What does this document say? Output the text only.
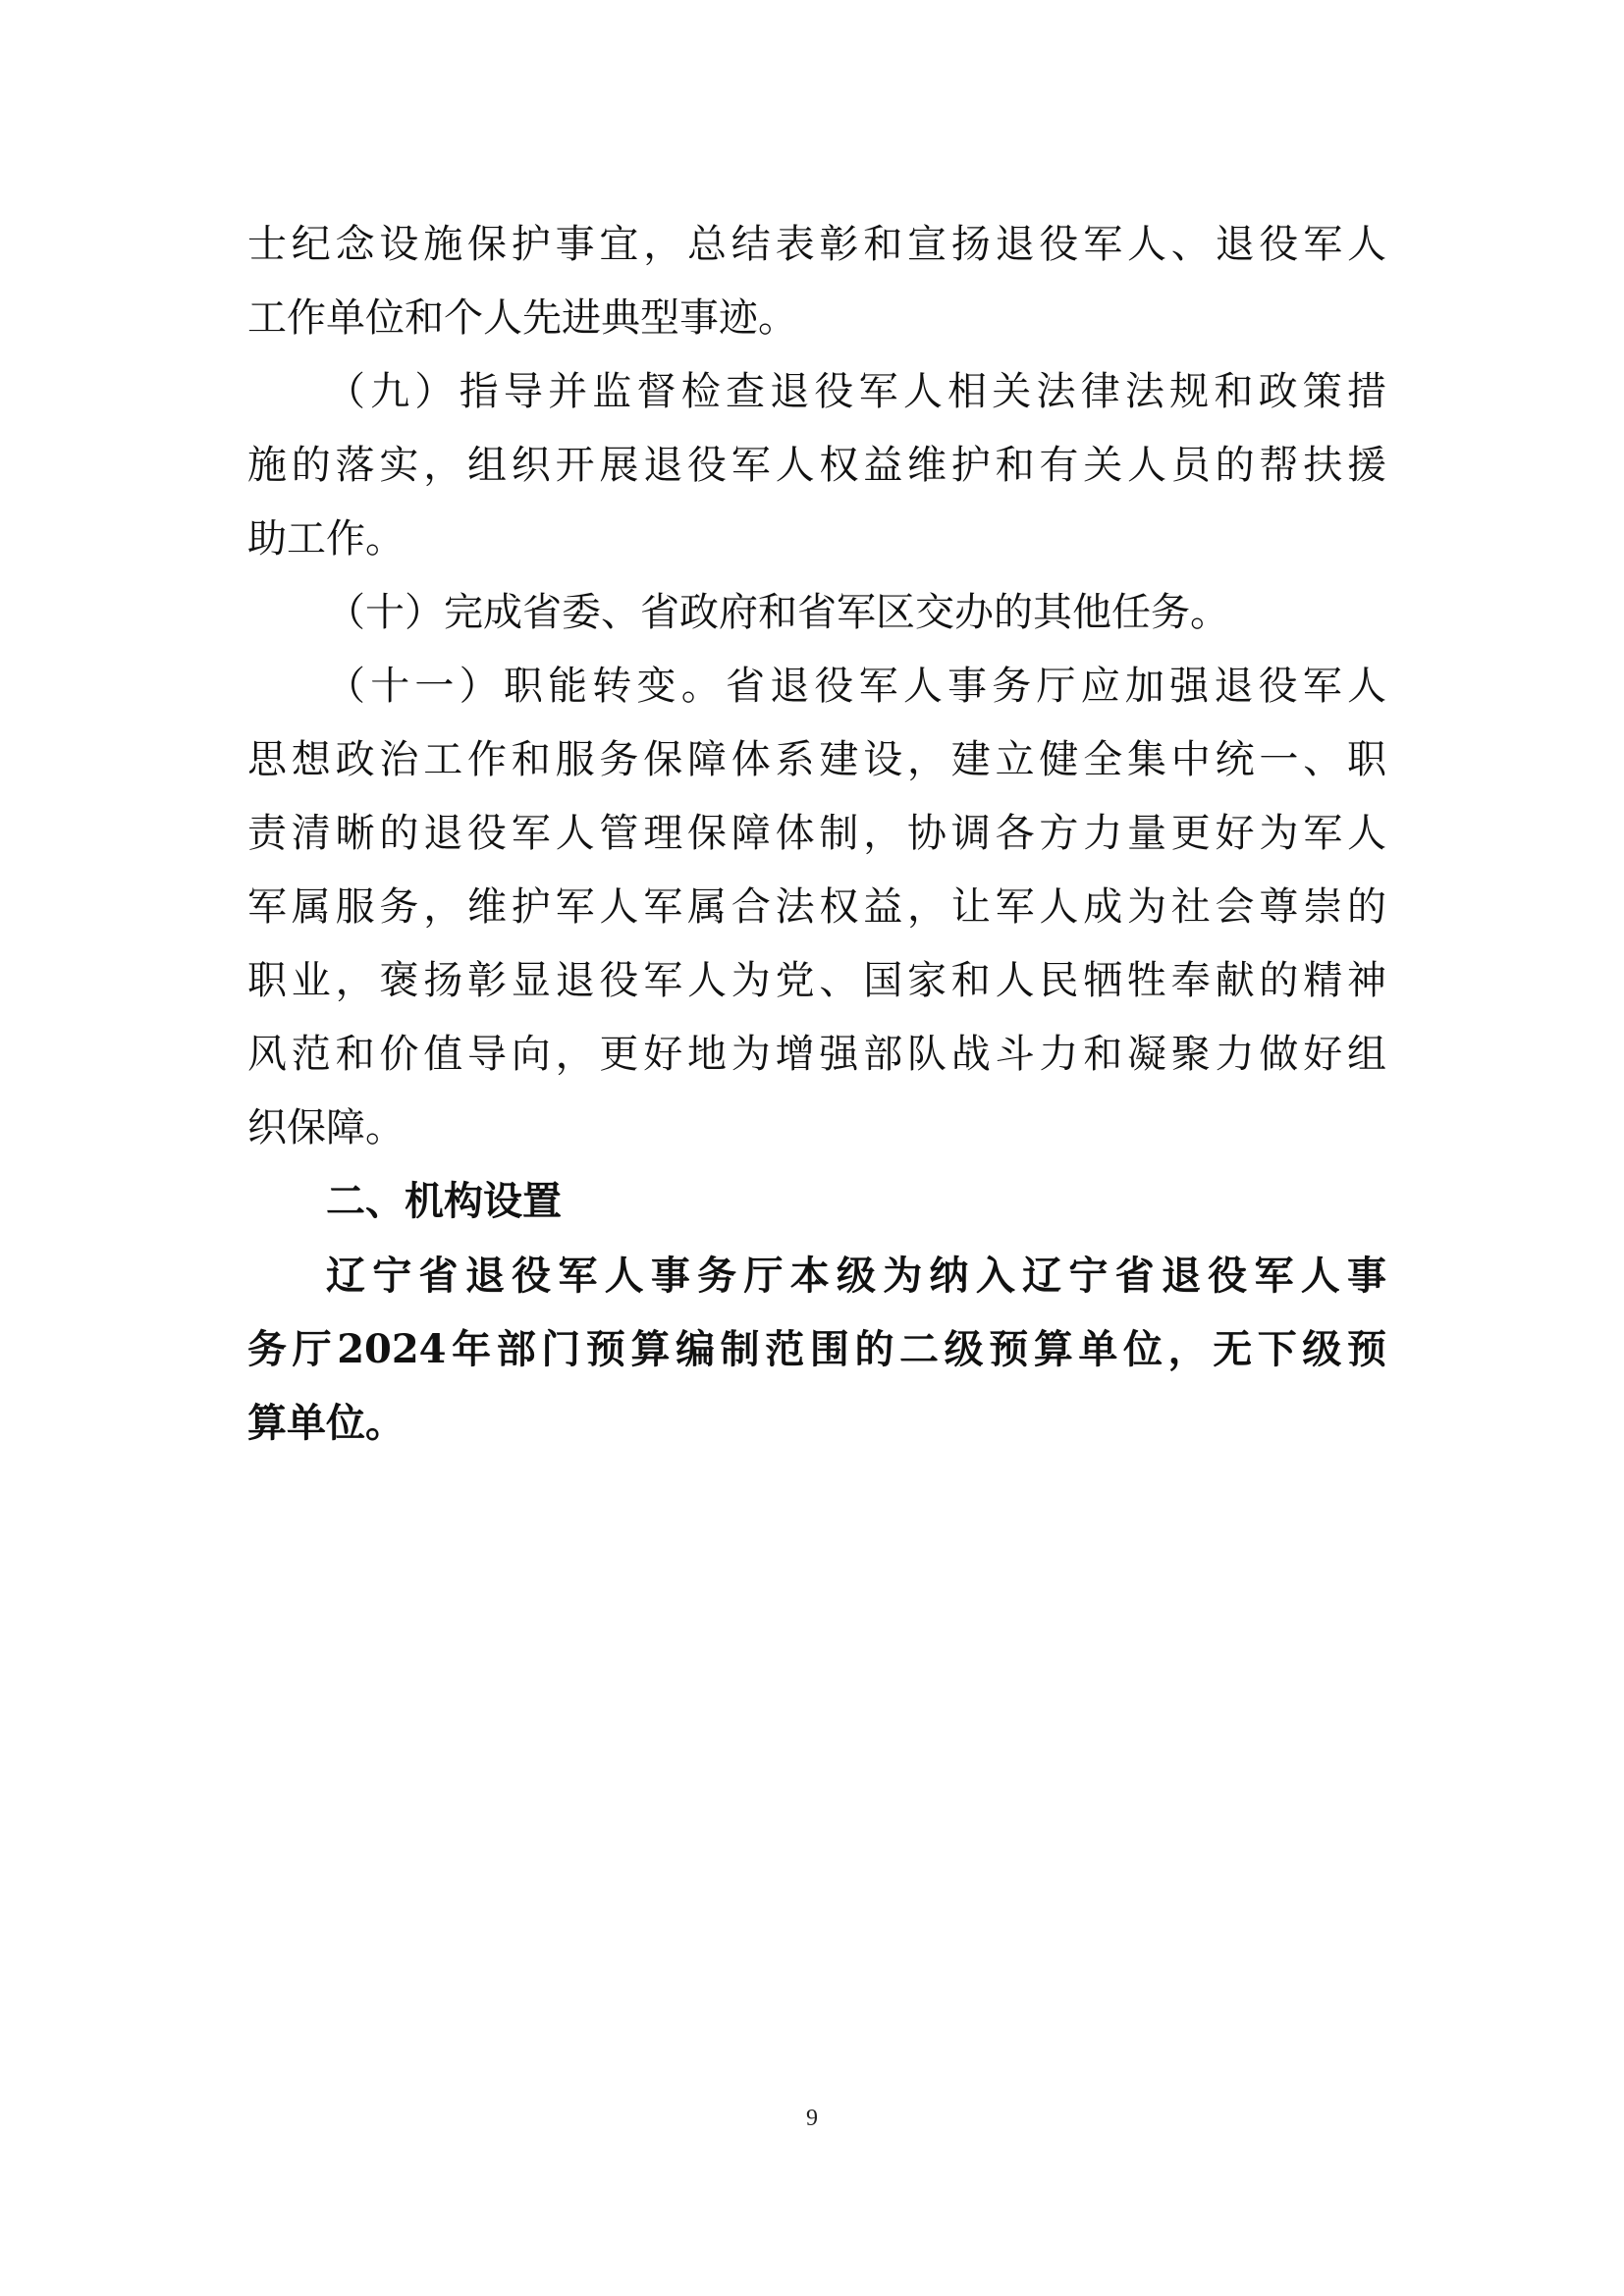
士纪念设施保护事宜，总结表彰和宣扬退役军人、退役军人
工作单位和个人先进典型事迹。
（九）指导并监督检查退役军人相关法律法规和政策措
施的落实，组织开展退役军人权益维护和有关人员的帮扶援
助工作。
（十）完成省委、省政府和省军区交办的其他任务。
（十一）职能转变。省退役军人事务厅应加强退役军人
思想政治工作和服务保障体系建设，建立健全集中统一、职
责清晰的退役军人管理保障体制，协调各方力量更好为军人
军属服务，维护军人军属合法权益，让军人成为社会尊崇的
职业，褒扬彰显退役军人为党、国家和人民牺牲奉献的精神
风范和价值导向，更好地为增强部队战斗力和凝聚力做好组
织保障。
二、机构设置
辽宁省退役军人事务厅本级为纳入辽宁省退役军人事
务厅2024年部门预算编制范围的二级预算单位，无下级预
算单位。
9
